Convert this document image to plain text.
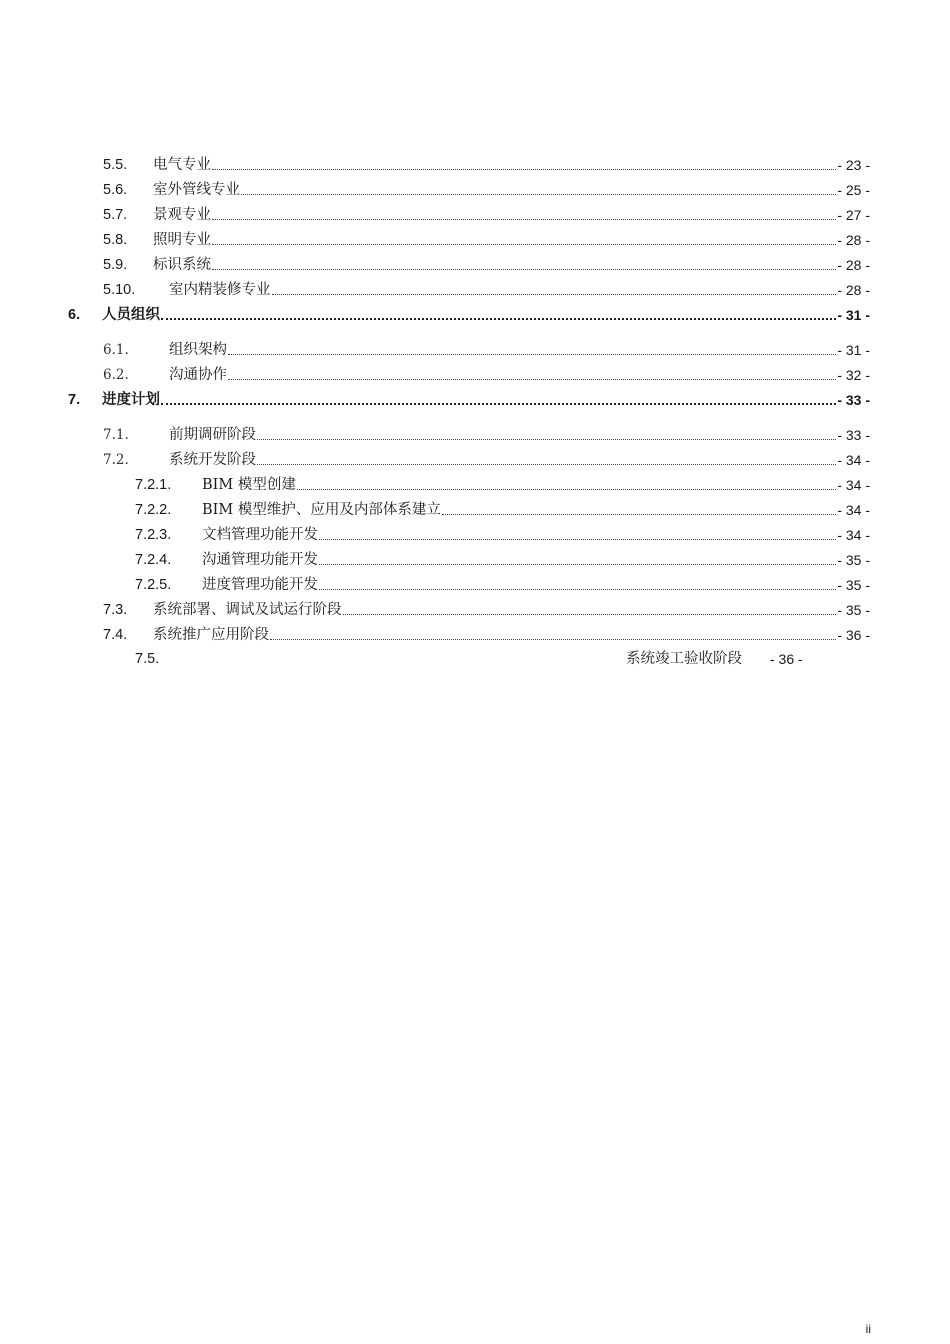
5.5.	电气专业	- 23 -
5.6.	室外管线专业	- 25 -
5.7.	景观专业	- 27 -
5.8.	照明专业	- 28 -
5.9.	标识系统	- 28 -
5.10.	室内精装修专业	- 28 -
6.	人员组织	- 31 -
6.1.	组织架构	- 31 -
6.2.	沟通协作	- 32 -
7.	进度计划	- 33 -
7.1.	前期调研阶段	- 33 -
7.2.	系统开发阶段	- 34 -
7.2.1.	BIM 模型创建	- 34 -
7.2.2.	BIM 模型维护、应用及内部体系建立	- 34 -
7.2.3.	文档管理功能开发	- 34 -
7.2.4.	沟通管理功能开发	- 35 -
7.2.5.	进度管理功能开发	- 35 -
7.3.	系统部署、调试及试运行阶段	- 35 -
7.4.	系统推广应用阶段	- 36 -
7.5.	系统竣工验收阶段 - 36 -
ii
